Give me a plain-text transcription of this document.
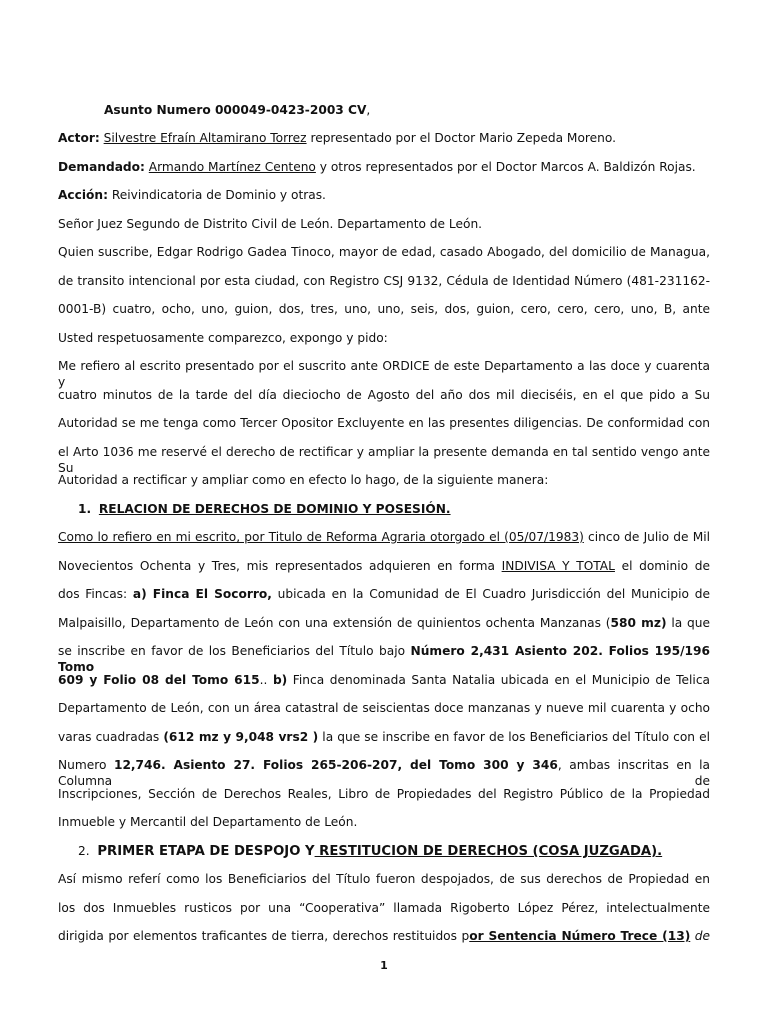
Asunto Numero 000049-0423-2003 CV,
Actor: Silvestre Efraín Altamirano Torrez representado por el Doctor Mario Zepeda Moreno.
Demandado: Armando Martínez Centeno y otros representados por el Doctor Marcos A. Baldizón Rojas.
Acción: Reivindicatoria de Dominio y otras.
Señor Juez Segundo de Distrito Civil de León. Departamento de León.
Quien suscribe, Edgar Rodrigo Gadea Tinoco, mayor de edad, casado Abogado, del domicilio de Managua,
de transito intencional por esta ciudad, con Registro CSJ 9132, Cédula de Identidad Número (481-231162-
0001-B) cuatro, ocho, uno, guion, dos, tres, uno, uno, seis, dos, guion, cero, cero, cero, uno, B, ante
Usted respetuosamente comparezco, expongo y pido:
Me refiero al escrito presentado por el suscrito ante ORDICE de este Departamento a las doce y cuarenta y
cuatro minutos de la tarde del día dieciocho de Agosto del año dos mil dieciséis, en el que pido a Su
Autoridad se me tenga como Tercer Opositor Excluyente en las presentes diligencias. De conformidad con
el Arto 1036 me reservé el derecho de rectificar y ampliar la presente demanda en tal sentido vengo ante Su
Autoridad a rectificar y ampliar como en efecto lo hago, de la siguiente manera:
1. RELACION DE DERECHOS DE DOMINIO Y POSESIÓN.
Como lo refiero en mi escrito, por Titulo de Reforma Agraria otorgado el (05/07/1983) cinco de Julio de Mil
Novecientos Ochenta y Tres, mis representados adquieren en forma INDIVISA Y TOTAL el dominio de
dos Fincas: a) Finca El Socorro, ubicada en la Comunidad de El Cuadro Jurisdicción del Municipio de
Malpaisillo, Departamento de León con una extensión de quinientos ochenta Manzanas (580 mz) la que
se inscribe en favor de los Beneficiarios del Título bajo Número 2,431 Asiento 202. Folios 195/196 Tomo
609 y Folio 08 del Tomo 615.. b) Finca denominada Santa Natalia ubicada en el Municipio de Telica
Departamento de León, con un área catastral de seiscientas doce manzanas y nueve mil cuarenta y ocho
varas cuadradas (612 mz y 9,048 vrs2 ) la que se inscribe en favor de los Beneficiarios del Título con el
Numero 12,746. Asiento 27. Folios 265-206-207, del Tomo 300 y 346, ambas inscritas en la Columna de
Inscripciones, Sección de Derechos Reales, Libro de Propiedades del Registro Público de la Propiedad
Inmueble y Mercantil del Departamento de León.
2. PRIMER ETAPA DE DESPOJO Y RESTITUCION DE DERECHOS (COSA JUZGADA).
Así mismo referí como los Beneficiarios del Título fueron despojados, de sus derechos de Propiedad en
los dos Inmuebles rusticos por una “Cooperativa” llamada Rigoberto López Pérez, intelectualmente
dirigida por elementos traficantes de tierra, derechos restituidos por Sentencia Número Trece (13) de
1
